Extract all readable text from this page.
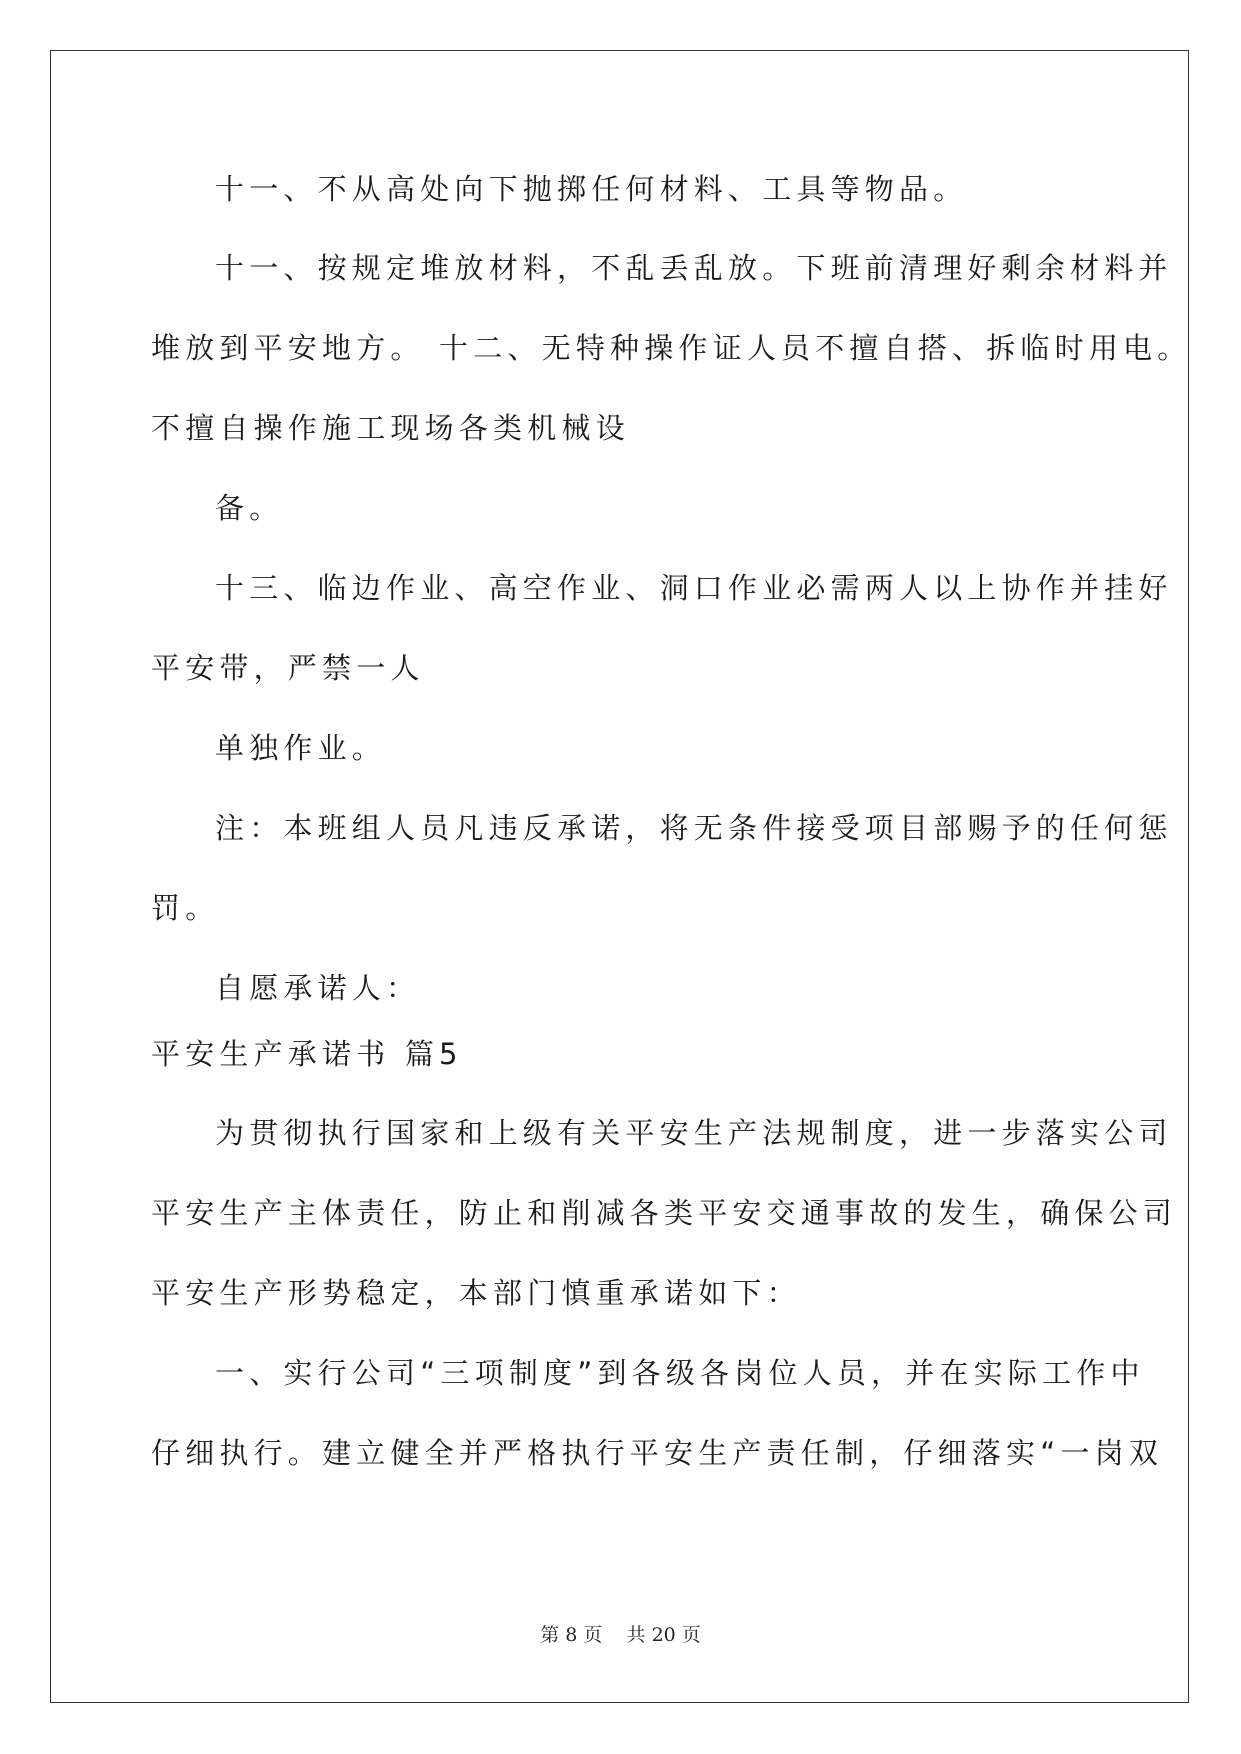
十一、不从高处向下抛掷任何材料、工具等物品。
十一、按规定堆放材料，不乱丢乱放。下班前清理好剩余材料并
堆放到平安地方。 十二、无特种操作证人员不擅自搭、拆临时用电。
不擅自操作施工现场各类机械设
备。
十三、临边作业、高空作业、洞口作业必需两人以上协作并挂好
平安带，严禁一人
单独作业。
注：本班组人员凡违反承诺，将无条件接受项目部赐予的任何惩
罚。
自愿承诺人：
平安生产承诺书 篇5
为贯彻执行国家和上级有关平安生产法规制度，进一步落实公司
平安生产主体责任，防止和削减各类平安交通事故的发生，确保公司
平安生产形势稳定，本部门慎重承诺如下：
一、实行公司“三项制度”到各级各岗位人员，并在实际工作中
仔细执行。建立健全并严格执行平安生产责任制，仔细落实“一岗双
第 8 页    共 20 页
